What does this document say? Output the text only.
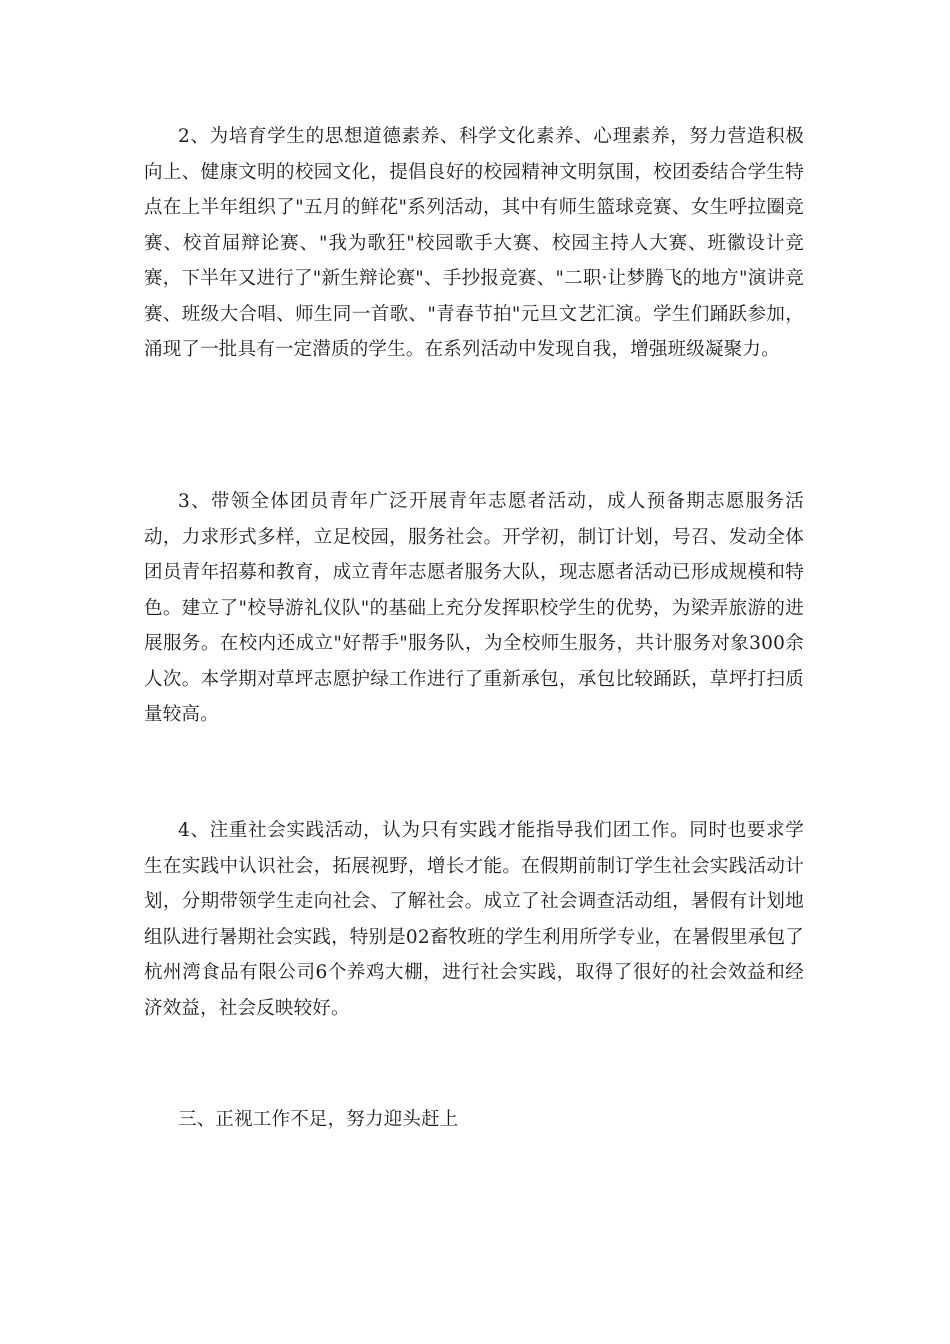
2、为培育学生的思想道德素养、科学文化素养、心理素养，努力营造积极向上、健康文明的校园文化，提倡良好的校园精神文明氛围，校团委结合学生特点在上半年组织了"五月的鲜花"系列活动，其中有师生篮球竞赛、女生呼拉圈竞赛、校首届辩论赛、"我为歌狂"校园歌手大赛、校园主持人大赛、班徽设计竞赛，下半年又进行了"新生辩论赛"、手抄报竞赛、"二职·让梦腾飞的地方"演讲竞赛、班级大合唱、师生同一首歌、"青春节拍"元旦文艺汇演。学生们踊跃参加，涌现了一批具有一定潜质的学生。在系列活动中发现自我，增强班级凝聚力。

3、带领全体团员青年广泛开展青年志愿者活动，成人预备期志愿服务活动，力求形式多样，立足校园，服务社会。开学初，制订计划，号召、发动全体团员青年招募和教育，成立青年志愿者服务大队，现志愿者活动已形成规模和特色。建立了"校导游礼仪队"的基础上充分发挥职校学生的优势，为梁弄旅游的进展服务。在校内还成立"好帮手"服务队，为全校师生服务，共计服务对象300余人次。本学期对草坪志愿护绿工作进行了重新承包，承包比较踊跃，草坪打扫质量较高。

4、注重社会实践活动，认为只有实践才能指导我们团工作。同时也要求学生在实践中认识社会，拓展视野，增长才能。在假期前制订学生社会实践活动计划，分期带领学生走向社会、了解社会。成立了社会调查活动组，暑假有计划地组队进行暑期社会实践，特别是02畜牧班的学生利用所学专业，在暑假里承包了杭州湾食品有限公司6个养鸡大棚，进行社会实践，取得了很好的社会效益和经济效益，社会反映较好。

三、正视工作不足，努力迎头赶上
